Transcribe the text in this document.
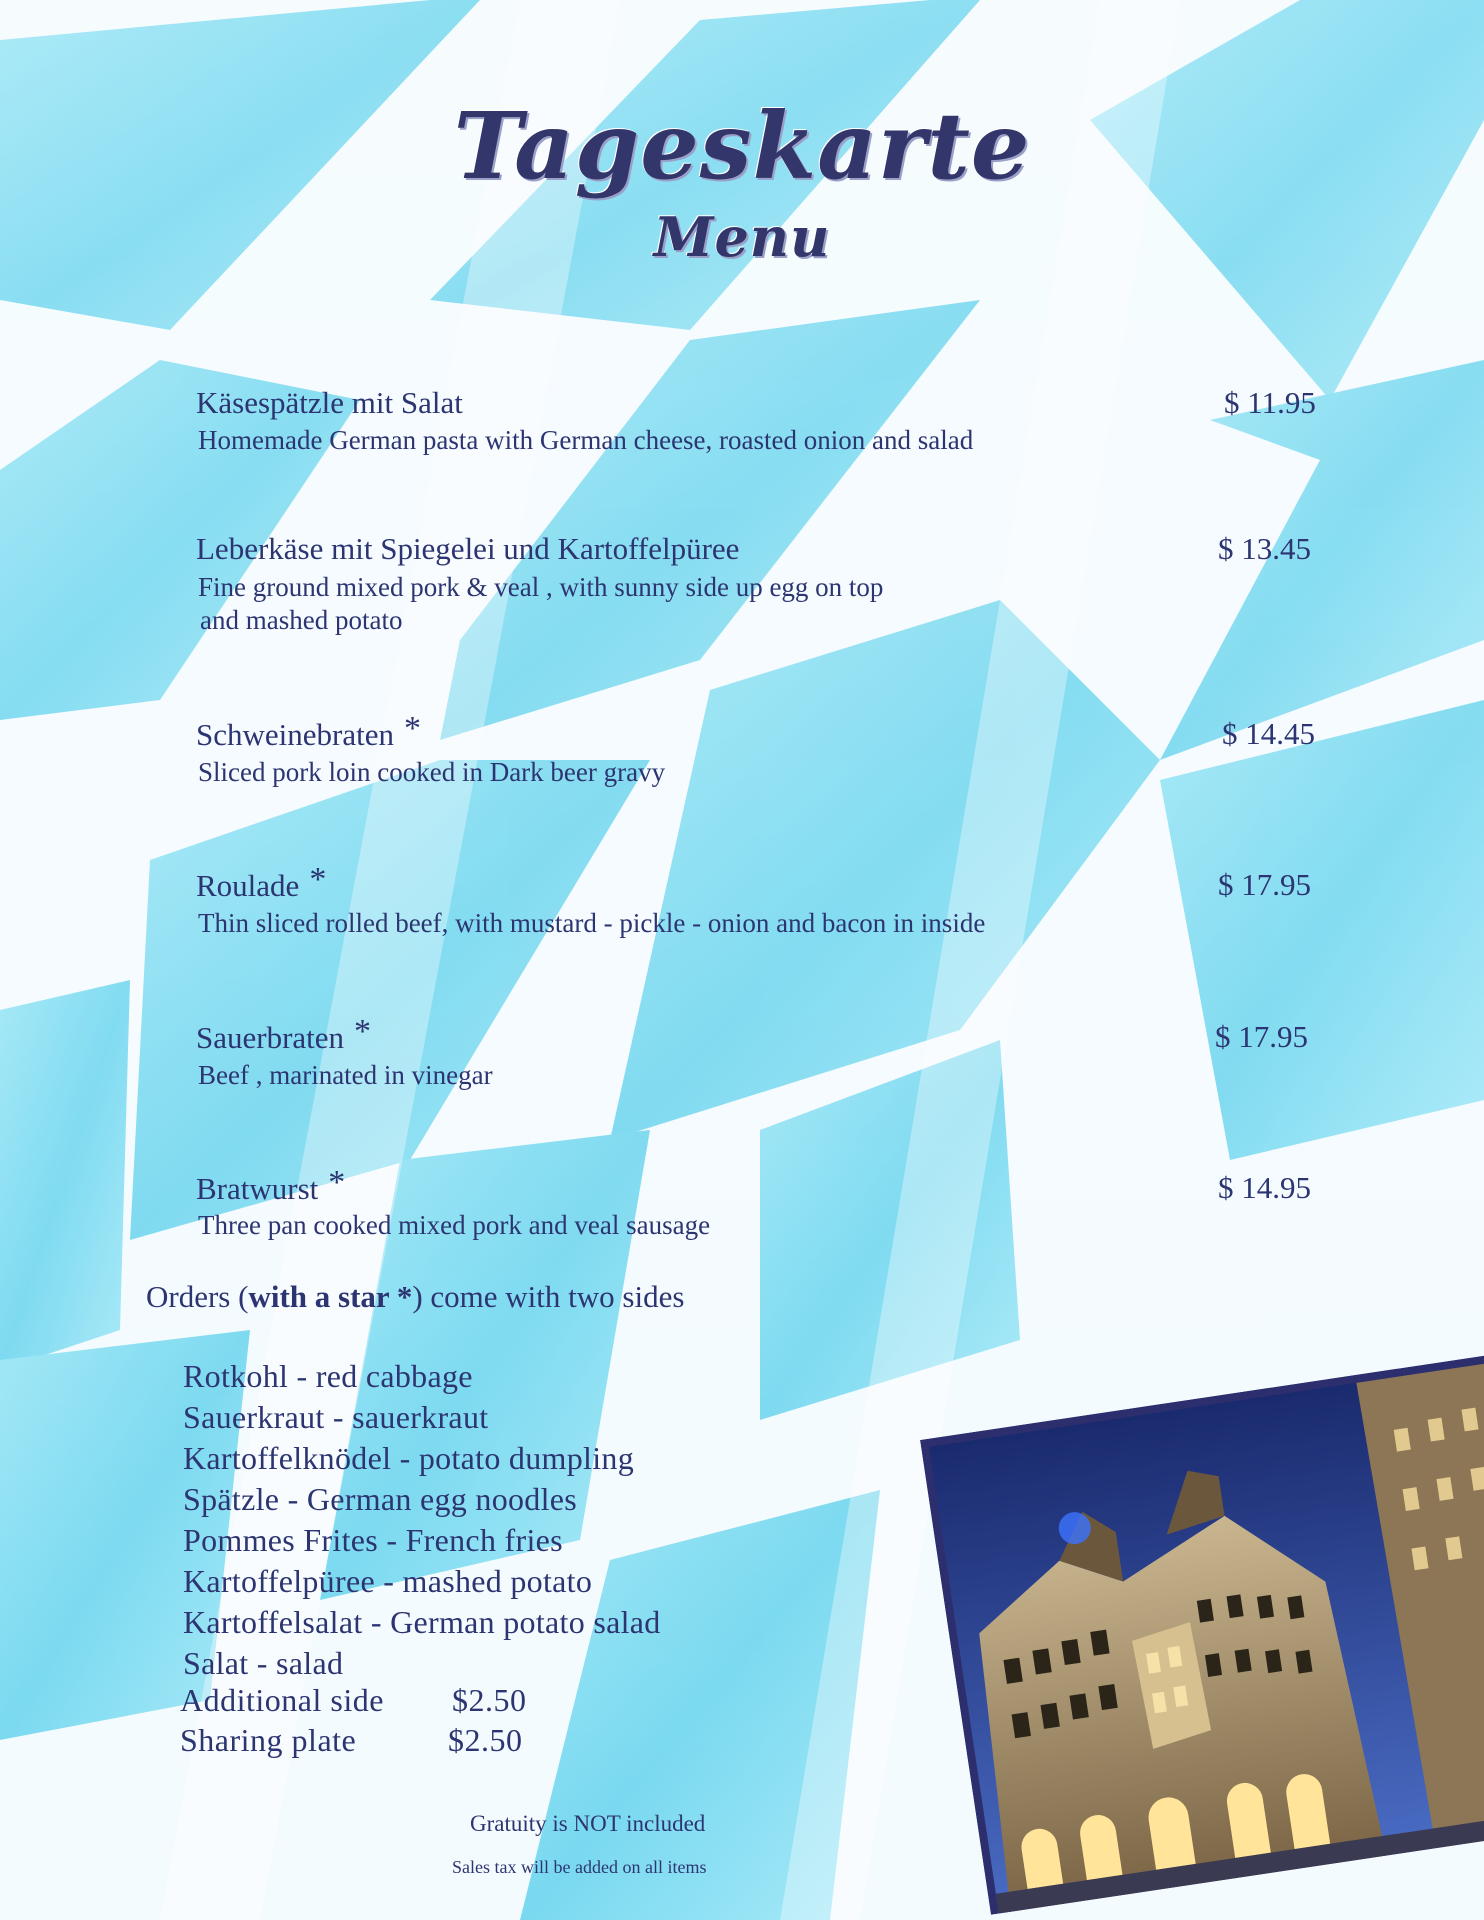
Tageskarte
Menu
Käsespätzle mit Salat
Homemade German pasta with German cheese, roasted onion and salad
$ 11.95
Leberkäse mit Spiegelei und Kartoffelpüree
Fine ground mixed pork & veal , with sunny side up egg on top
and mashed potato
$ 13.45
Schweinebraten *
Sliced pork loin cooked in Dark beer gravy
$ 14.45
Roulade *
Thin sliced rolled beef, with mustard - pickle - onion and bacon in inside
$ 17.95
Sauerbraten *
Beef , marinated in vinegar
$ 17.95
Bratwurst *
Three pan cooked mixed pork and veal sausage
$ 14.95
Orders (with a star *) come with two sides
Rotkohl - red cabbage
Sauerkraut - sauerkraut
Kartoffelknödel - potato dumpling
Spätzle - German egg noodles
Pommes Frites - French fries
Kartoffelpüree - mashed potato
Kartoffelsalat - German potato salad
Salat - salad
Additional side $2.50
Sharing plate	$2.50
Gratuity is NOT included
Sales tax will be added on all items
